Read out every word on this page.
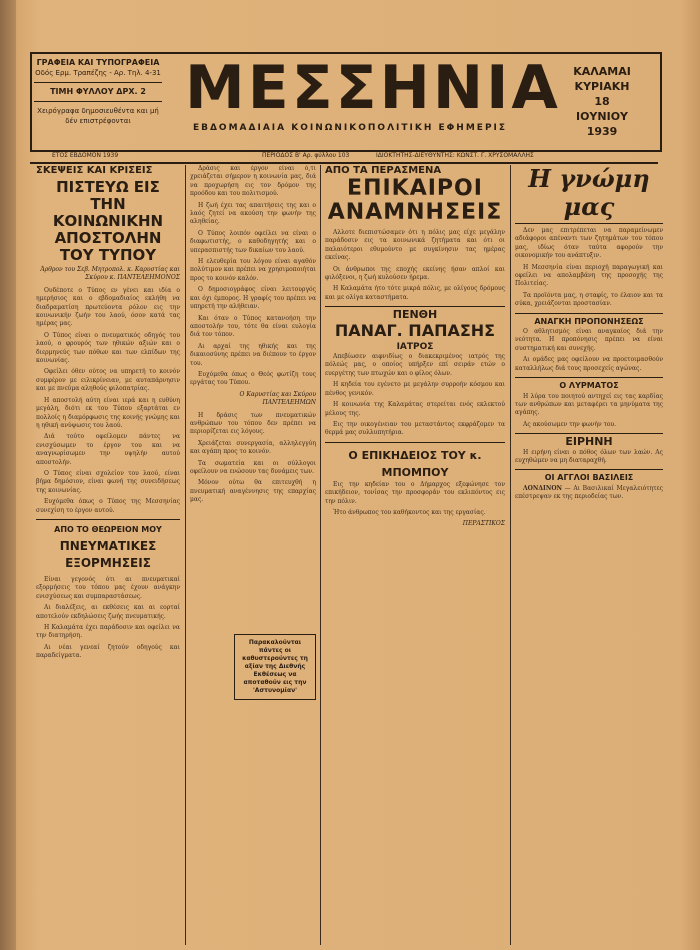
ΓΡΑΦΕΙΑ ΚΑΙ ΤΥΠΟΓΡΑΦΕΙΑ
Οδός Ερμ. Τραπέζης - Αρ. Τηλ. 4-31
ΤΙΜΗ ΦΥΛΛΟΥ ΔΡΧ. 2
Χειρόγραφα δημοσιευθέντα και μή
δέν επιστρέφονται ΜΕΣΣΗΝΙΑ
ΕΒΔΟΜΑΔΙΑΙΑ ΚΟΙΝΩΝΙΚΟΠΟΛΙΤΙΚΗ ΕΦΗΜΕΡΙΣ
ΚΑΛΑΜΑΙ
ΚΥΡΙΑΚΗ
18
ΙΟΥΝΙΟΥ
1939
ΕΤΟΣ ΕΒΔΟΜΟΝ 1939	ΠΕΡΙΟΔΟΣ Β' Αρ. φύλλου 103	ΙΔΙΟΚΤΗΤΗΣ-ΔΙΕΥΘΥΝΤΗΣ: ΚΩΝΣΤ. Γ. ΧΡΥΣΟΜΑΛΛΗΣ
ΣΚΕΨΕΙΣ ΚΑΙ ΚΡΙΣΕΙΣ
ΠΙΣΤΕΥΩ ΕΙΣ ΤΗΝ ΚΟΙΝΩΝΙΚΗΝ ΑΠΟΣΤΟΛΗΝ ΤΟΥ ΤΥΠΟΥ
Άρθρον του Σεβ. Μητροπολ. κ. Καρυστίας και Σκύρου κ. ΠΑΝΤΕΛΕΗΜΟΝΟΣ

Ουδέποτε ο Τύπος εν γένει και ιδία ο ημερήσιος και ο εβδομαδιαίος εκλήθη να διαδραματίση πρωτεύοντα ρόλον εις την κοινωνικήν ζωήν του λαού, όσον κατά τας ημέρας μας.

Ο Τύπος είναι ο πνευματικός οδηγός του λαού, ο φρουρός των ηθικών αξιών και ο διερμηνεύς των πόθων και των ελπίδων της κοινωνίας.

Οφείλει όθεν ούτος να υπηρετή το κοινόν συμφέρον με ειλικρίνειαν, με αυταπάρνησιν και με πνεύμα αληθούς φιλοπατρίας.

Η αποστολή αύτη είναι ιερά και η ευθύνη μεγάλη, διότι εκ του Τύπου εξαρτάται εν πολλοίς η διαμόρφωσις της κοινής γνώμης και η ηθική ανύψωσις του λαού.

Διά τούτο οφείλομεν πάντες να ενισχύσωμεν το έργον του και να αναγνωρίσωμεν την υψηλήν αυτού αποστολήν.

Ο Τύπος είναι σχολείον του λαού, είναι βήμα δημόσιον, είναι φωνή της συνειδήσεως της κοινωνίας.

Ευχόμεθα όπως ο Τύπος της Μεσσηνίας συνεχίση το έργον αυτού.

ΑΠΟ ΤΟ ΘΕΩΡΕΙΟΝ ΜΟΥ
ΠΝΕΥΜΑΤΙΚΕΣ ΕΞΟΡΜΗΣΕΙΣ

Είναι γεγονός ότι αι πνευματικαί εξορμήσεις του τόπου μας έχουν ανάγκην ενισχύσεως και συμπαραστάσεως.

Αι διαλέξεις, αι εκθέσεις και αι εορταί αποτελούν εκδηλώσεις ζωής πνευματικής.

Η Καλαμάτα έχει παράδοσιν και οφείλει να την διατηρήση.

Αι νέαι γενεαί ζητούν οδηγούς και παραδείγματα.

Δράσις και έργον είναι ό,τι χρειάζεται σήμερον η κοινωνία μας, διά να προχωρήση εις τον δρόμον της προόδου και του πολιτισμού.

Η ζωή έχει τας απαιτήσεις της και ο λαός ζητεί να ακούση την φωνήν της αληθείας.

Ο Τύπος λοιπόν οφείλει να είναι ο διαφωτιστής, ο καθοδηγητής και ο υπερασπιστής των δικαίων του λαού.

Η ελευθερία του λόγου είναι αγαθόν πολύτιμον και πρέπει να χρησιμοποιήται προς το κοινόν καλόν.

Ο δημοσιογράφος είναι λειτουργός και όχι έμπορος. Η γραφίς του πρέπει να υπηρετή την αλήθειαν.

Και όταν ο Τύπος κατανοήση την αποστολήν του, τότε θα είναι ευλογία διά τον τόπον.

Αι αρχαί της ηθικής και της δικαιοσύνης πρέπει να διέπουν το έργον του.

Ευχόμεθα όπως ο Θεός φωτίζη τους εργάτας του Τύπου.

Ο Καρυστίας και Σκύρου ΠΑΝΤΕΛΕΗΜΩΝ

Η δράσις των πνευματικών ανθρώπων του τόπου δεν πρέπει να περιορίζεται εις λόγους.

Χρειάζεται συνεργασία, αλληλεγγύη και αγάπη προς το κοινόν.

Τα σωματεία και οι σύλλογοι οφείλουν να ενώσουν τας δυνάμεις των.

Μόνον ούτω θα επιτευχθή η πνευματική αναγέννησις της επαρχίας μας.

ΑΠΟ ΤΑ ΠΕΡΑΣΜΕΝΑ
ΕΠΙΚΑΙΡΟΙ ΑΝΑΜΝΗΣΕΙΣ

Αλλοτε διεπιστώσαμεν ότι η πόλις μας είχε μεγάλην παράδοσιν εις τα κοινωνικά ζητήματα και ότι οι παλαιότεροι εθυμούντο με συγκίνησιν τας ημέρας εκείνας.

Οι άνθρωποι της εποχής εκείνης ήσαν απλοί και φιλόξενοι, η ζωή κυλούσεν ήρεμα.

Η Καλαμάτα ήτο τότε μικρά πόλις, με ολίγους δρόμους και με ολίγα καταστήματα.

ΠΕΝΘΗ
ΠΑΝΑΓ. ΠΑΠΑΣΗΣ
ΙΑΤΡΟΣ

Απεβίωσεν αιφνιδίως ο διακεκριμένος ιατρός της πόλεώς μας, ο οποίος υπήρξεν επί σειράν ετών ο ευεργέτης των πτωχών και ο φίλος όλων.

Η κηδεία του εγένετο με μεγάλην συρροήν κόσμου και πένθος γενικόν.

Η κοινωνία της Καλαμάτας στερείται ενός εκλεκτού μέλους της.

Εις την οικογένειαν του μεταστάντος εκφράζομεν τα θερμά μας συλλυπητήρια.

Ο ΕΠΙΚΗΔΕΙΟΣ ΤΟΥ κ. ΜΠΟΜΠΟΥ

Εις την κηδείαν του ο Δήμαρχος εξεφώνησε τον επικήδειον, τονίσας την προσφοράν του εκλιπόντος εις την πόλιν.

Ήτο άνθρωπος του καθήκοντος και της εργασίας.

ΠΕΡΑΣΤΙΚΟΣ
Παρακαλούνται πάντες οι καθυστερούντες τη αξίαν της Διεθνής Εκθέσεως να αποταθούν εις την 'Αστυνομίαν'
Η γνώμη μας

Δεν μας επιτρέπεται να παραμείνωμεν αδιάφοροι απέναντι των ζητημάτων του τόπου μας, ιδίως όταν ταύτα αφορούν την οικονομικήν του ανάπτυξιν.

Η Μεσσηνία είναι περιοχή παραγωγική και οφείλει να απολαμβάνη της προσοχής της Πολιτείας.

Τα προϊόντα μας, η σταφίς, το έλαιον και τα σύκα, χρειάζονται προστασίαν.

ΑΝΑΓΚΗ ΠΡΟΠΟΝΗΣΕΩΣ

Ο αθλητισμός είναι αναγκαίος διά την νεότητα. Η προπόνησις πρέπει να είναι συστηματική και συνεχής.

Αι ομάδες μας οφείλουν να προετοιμασθούν καταλλήλως διά τους προσεχείς αγώνας.

Ο ΛΥΡΜΑΤΟΣ

Η λύρα του ποιητού αντηχεί εις τας καρδίας των ανθρώπων και μεταφέρει τα μηνύματα της αγάπης.

Ας ακούσωμεν την φωνήν του.

ΕΙΡΗΝΗ

Η ειρήνη είναι ο πόθος όλων των λαών. Ας ευχηθώμεν να μη διαταραχθή.

ΟΙ ΑΓΓΛΟΙ ΒΑΣΙΛΕΙΣ

ΛΟΝΔΙΝΟΝ — Αι Βασιλικαί Μεγαλειότητες επέστρεψαν εκ της περιοδείας των.
